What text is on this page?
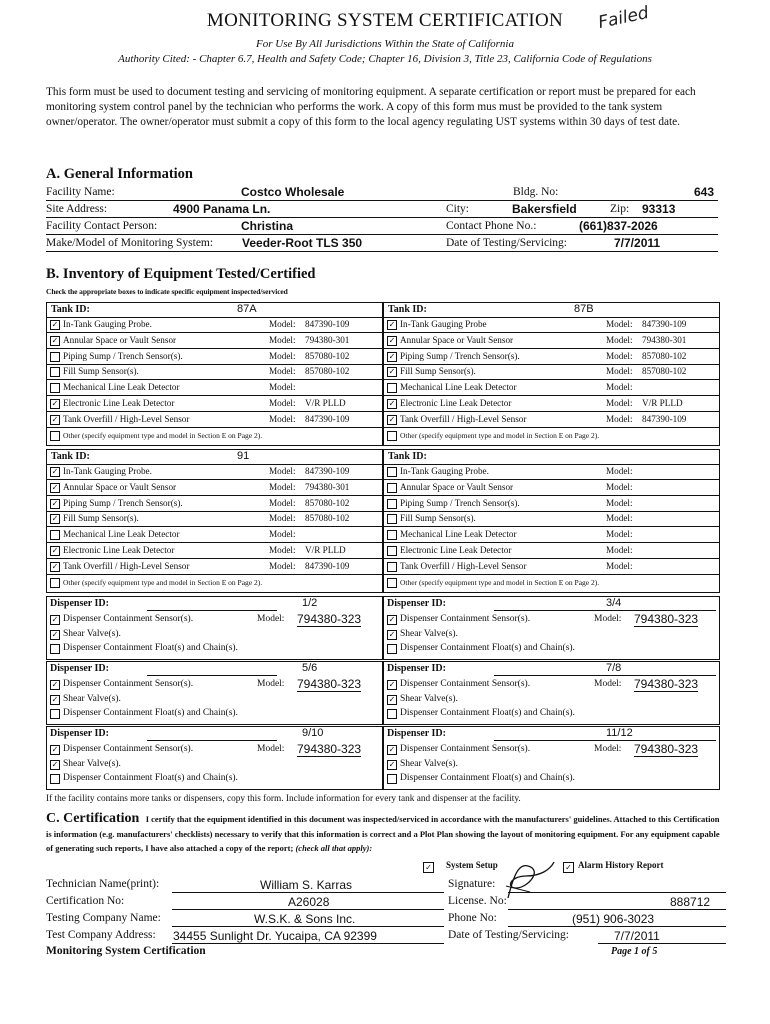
MONITORING SYSTEM CERTIFICATION	Failed
For Use By All Jurisdictions Within the State of California
Authority Cited: - Chapter 6.7, Health and Safety Code; Chapter 16, Division 3, Title 23, California Code of Regulations
This form must be used to document testing and servicing of monitoring equipment. A separate certification or report must be prepared for each monitoring system control panel by the technician who performs the work. A copy of this form mus must be provided to the tank system owner/operator. The owner/operator must submit a copy of this form to the local agency regulating UST systems within 30 days of test date.
A. General Information
Facility Name:	Costco Wholesale	Bldg. No:	643
Site Address:	4900 Panama Ln.	City:	Bakersfield	Zip: 93313
Facility Contact Person:	Christina	Contact Phone No.:	(661)837-2026
Make/Model of Monitoring System: Veeder-Root TLS 350	Date of Testing/Servicing:	7/7/2011
B. Inventory of Equipment Tested/Certified
Check the appropriate boxes to indicate specific equipment inspected/serviced
Tank ID:	87A
✓ In-Tank Gauging Probe.	Model: 847390-109
✓ Annular Space or Vault Sensor	Model: 794380-301
Piping Sump / Trench Sensor(s).	Model: 857080-102
Fill Sump Sensor(s).	Model: 857080-102
Mechanical Line Leak Detector	Model:
✓ Electronic Line Leak Detector	Model: V/R PLLD
✓ Tank Overfill / High-Level Sensor	Model: 847390-109
Other (specify equipment type and model in Section E on Page 2).
Tank ID:	87B
✓ In-Tank Gauging Probe	Model: 847390-109
✓ Annular Space or Vault Sensor	Model: 794380-301
✓ Piping Sump / Trench Sensor(s).	Model: 857080-102
✓ Fill Sump Sensor(s).	Model: 857080-102
Mechanical Line Leak Detector	Model:
✓ Electronic Line Leak Detector	Model: V/R PLLD
✓ Tank Overfill / High-Level Sensor	Model: 847390-109
Other (specify equipment type and model in Section E on Page 2).
Tank ID:	91
✓ In-Tank Gauging Probe.	Model: 847390-109
✓ Annular Space or Vault Sensor	Model: 794380-301
✓ Piping Sump / Trench Sensor(s).	Model: 857080-102
✓ Fill Sump Sensor(s).	Model: 857080-102
Mechanical Line Leak Detector	Model:
✓ Electronic Line Leak Detector	Model: V/R PLLD
✓ Tank Overfill / High-Level Sensor	Model: 847390-109
Other (specify equipment type and model in Section E on Page 2).
Tank ID:
In-Tank Gauging Probe.	Model:
Annular Space or Vault Sensor	Model:
Piping Sump / Trench Sensor(s).	Model:
Fill Sump Sensor(s).	Model:
Mechanical Line Leak Detector	Model:
Electronic Line Leak Detector	Model:
Tank Overfill / High-Level Sensor	Model:
Other (specify equipment type and model in Section E on Page 2).
Dispenser ID:	1/2
✓ Dispenser Containment Sensor(s).	Model: 794380-323
✓ Shear Valve(s).
Dispenser Containment Float(s) and Chain(s).
Dispenser ID:	3/4
✓ Dispenser Containment Sensor(s).	Model: 794380-323
✓ Shear Valve(s).
Dispenser Containment Float(s) and Chain(s).
Dispenser ID:	5/6
✓ Dispenser Containment Sensor(s).	Model: 794380-323
✓ Shear Valve(s).
Dispenser Containment Float(s) and Chain(s).
Dispenser ID:	7/8
✓ Dispenser Containment Sensor(s).	Model: 794380-323
✓ Shear Valve(s).
Dispenser Containment Float(s) and Chain(s).
Dispenser ID:	9/10
✓ Dispenser Containment Sensor(s).	Model: 794380-323
✓ Shear Valve(s).
Dispenser Containment Float(s) and Chain(s).
Dispenser ID:	11/12
✓ Dispenser Containment Sensor(s).	Model: 794380-323
✓ Shear Valve(s).
Dispenser Containment Float(s) and Chain(s).
If the facility contains more tanks or dispensers, copy this form. Include information for every tank and dispenser at the facility.
C. Certification I certify that the equipment identified in this document was inspected/serviced in accordance with the manufacturers' guidelines. Attached to this Certification is information (e.g. manufacturers' checklists) necessary to verify that this information is correct and a Plot Plan showing the layout of monitoring equipment. For any equipment capable of generating such reports, I have also attached a copy of the report; (check all that apply):
✓ System Setup	✓ Alarm History Report
Technician Name(print):	William S. Karras	Signature:
Certification No:	A26028	License. No:	888712
Testing Company Name:	W.S.K. & Sons Inc.	Phone No:	(951) 906-3023
Test Company Address: 34455 Sunlight Dr. Yucaipa, CA 92399	Date of Testing/Servicing:	7/7/2011
Monitoring System Certification	Page 1 of 5
